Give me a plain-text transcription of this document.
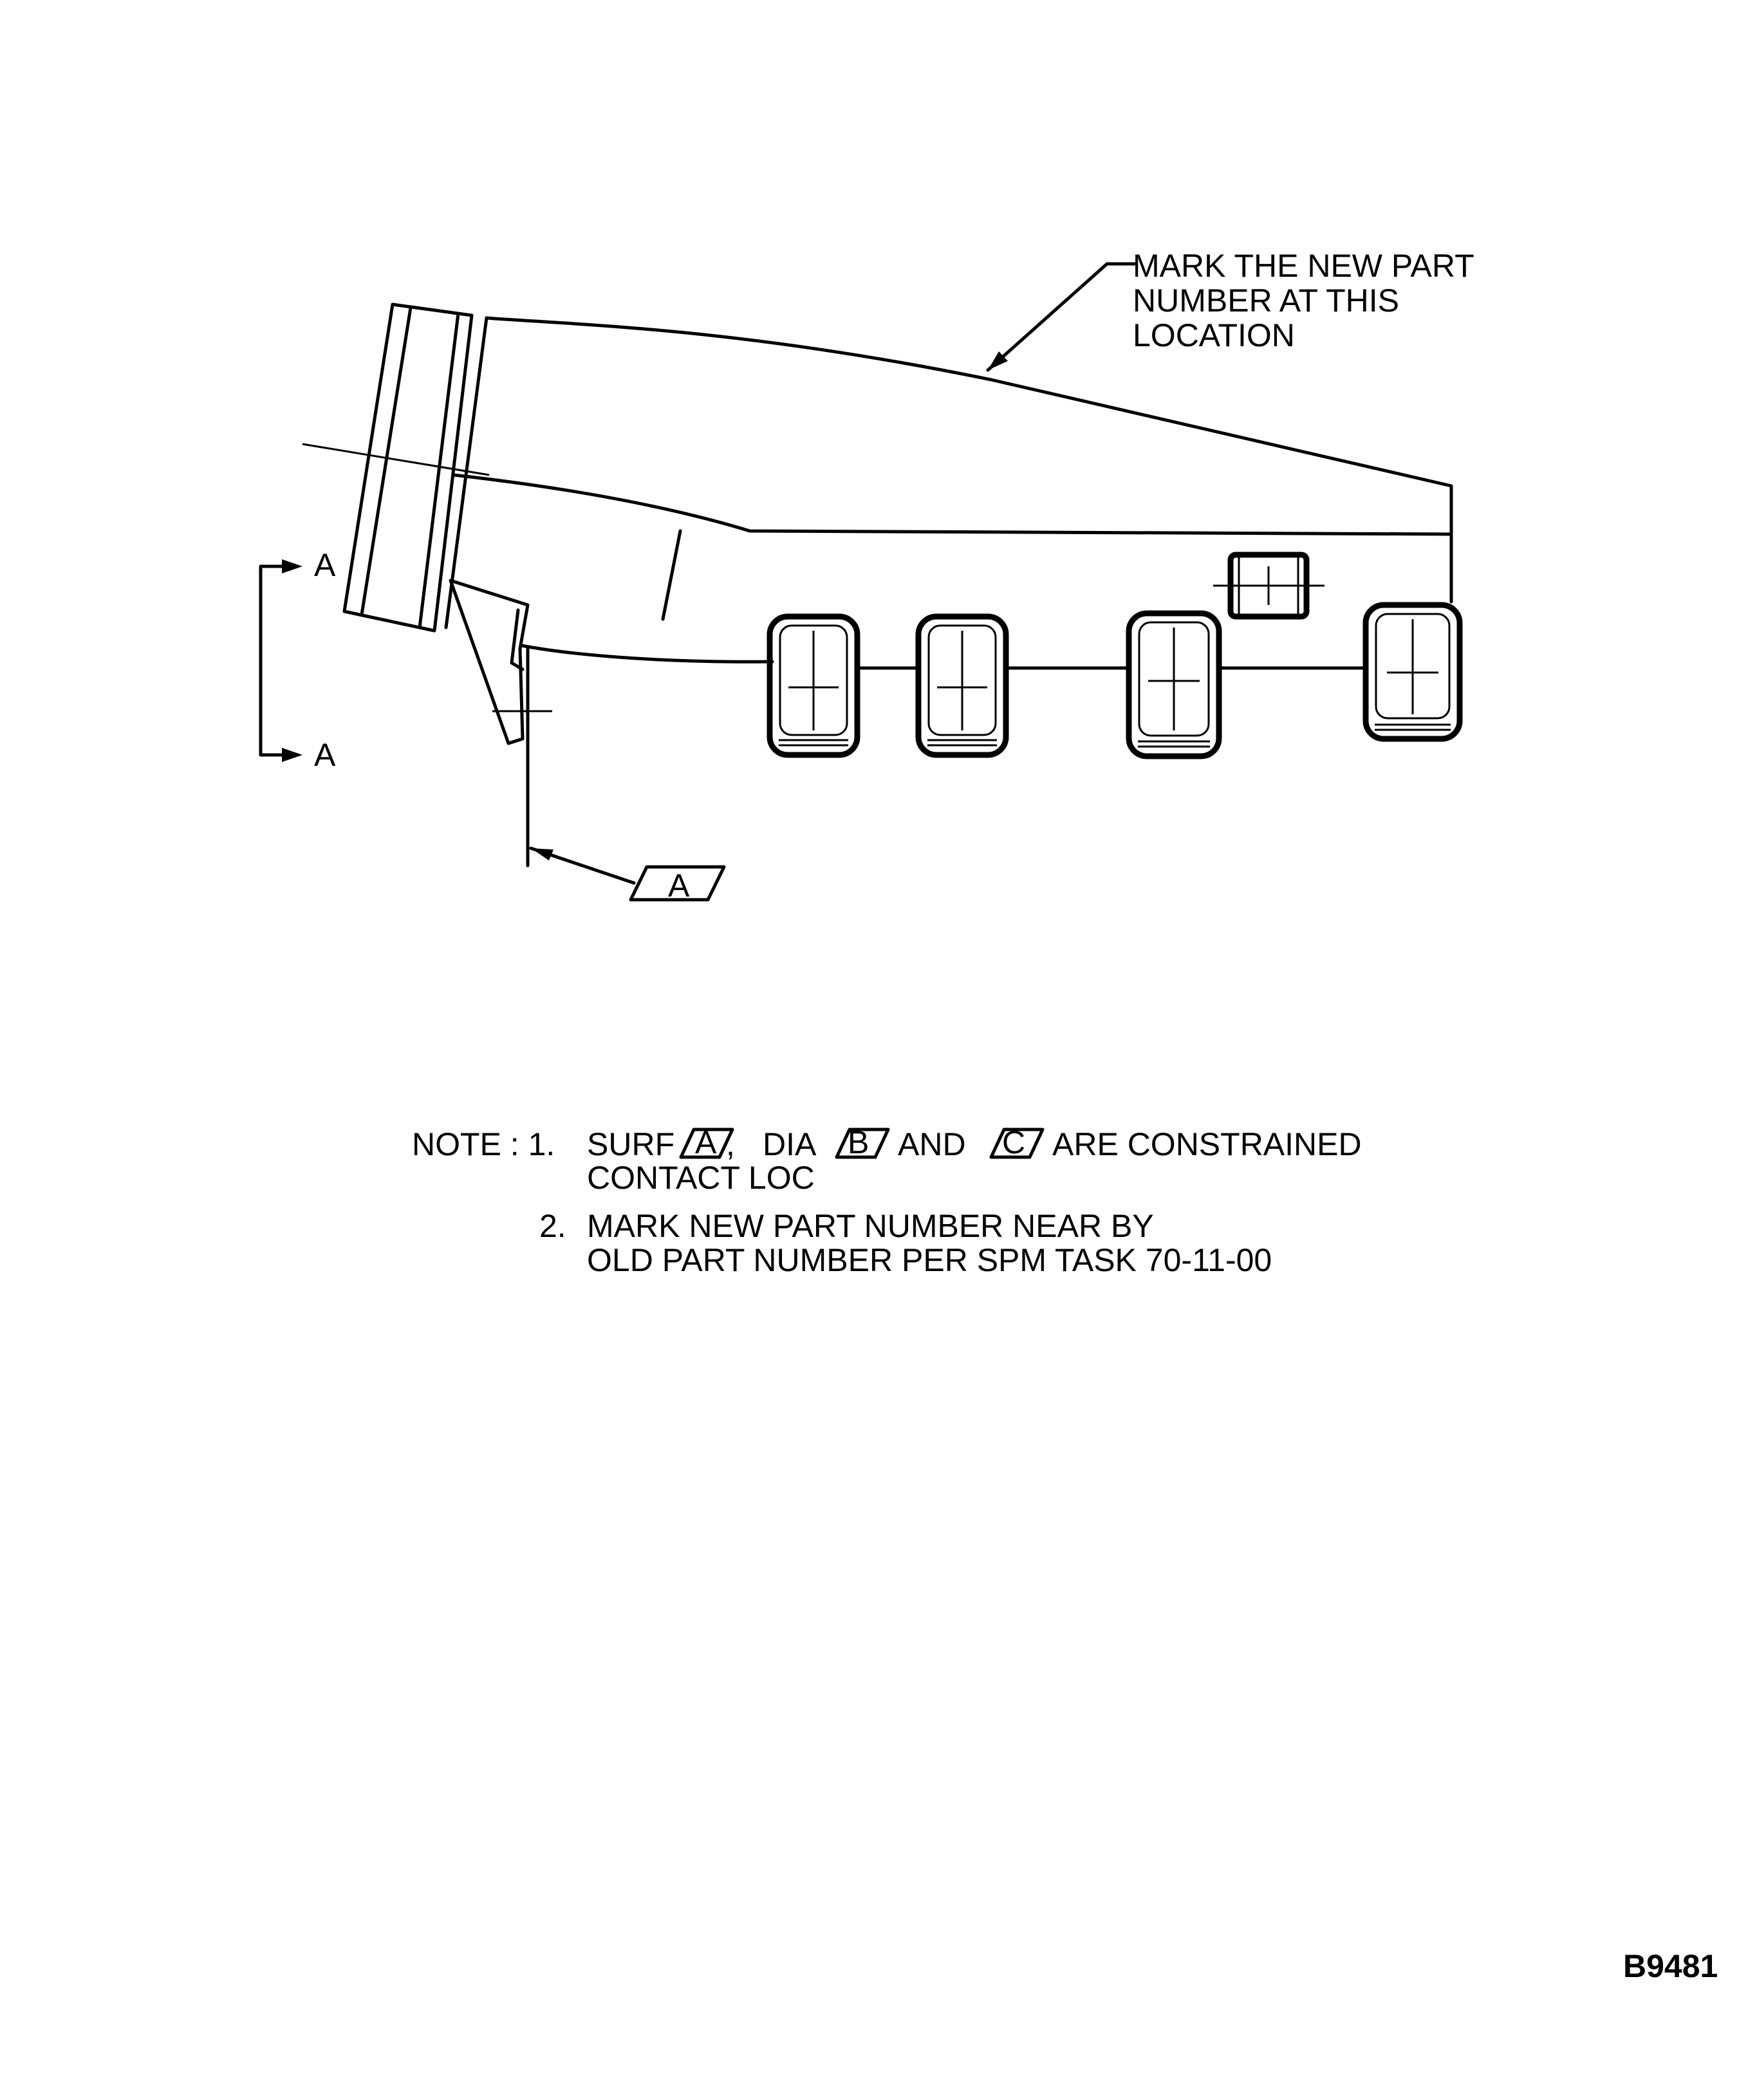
MARK THE NEW PART
NUMBER AT THIS
LOCATION
A
A
A
NOTE : 1. SURF A , DIA B AND C ARE CONSTRAINED
CONTACT LOC
2. MARK NEW PART NUMBER NEAR BY
OLD PART NUMBER PER SPM TASK 70-11-00
B9481
